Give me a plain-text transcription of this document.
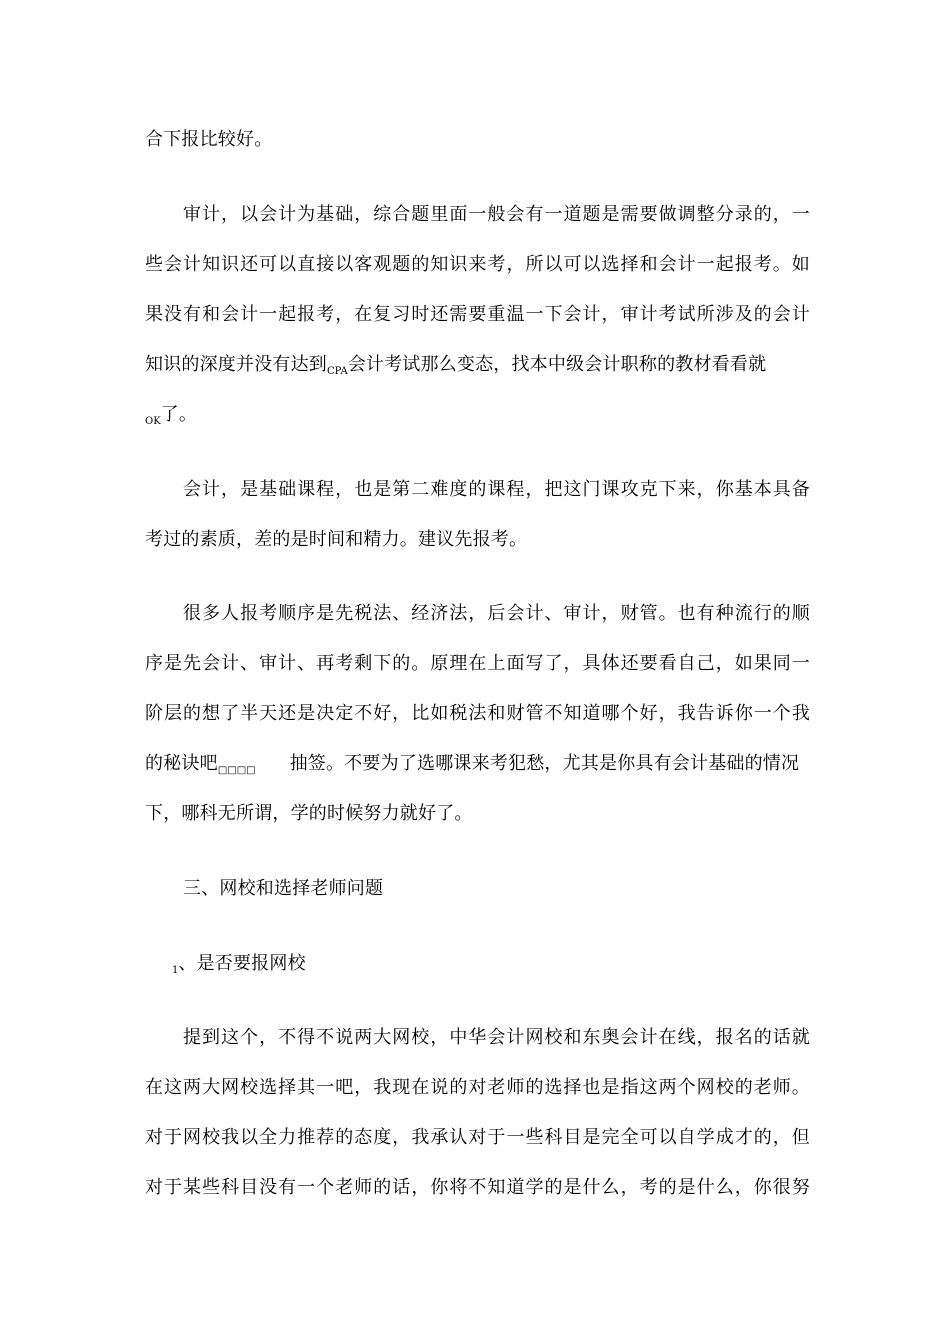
合下报比较好。
审计，以会计为基础，综合题里面一般会有一道题是需要做调整分录的，一
些会计知识还可以直接以客观题的知识来考，所以可以选择和会计一起报考。如
果没有和会计一起报考，在复习时还需要重温一下会计，审计考试所涉及的会计
知识的深度并没有达到$_{CPA}$会计考试那么变态，找本中级会计职称的教材看看就
$_{OK}$了。
会计，是基础课程，也是第二难度的课程，把这门课攻克下来，你基本具备
考过的素质，差的是时间和精力。建议先报考。
很多人报考顺序是先税法、经济法，后会计、审计，财管。也有种流行的顺
序是先会计、审计、再考剩下的。原理在上面写了，具体还要看自己，如果同一
阶层的想了半天还是决定不好，比如税法和财管不知道哪个好，我告诉你一个我
的秘诀吧$_{□□□□}$ 抽签。不要为了选哪课来考犯愁，尤其是你具有会计基础的情况
下，哪科无所谓，学的时候努力就好了。
三、网校和选择老师问题
$_1$、是否要报网校
提到这个，不得不说两大网校，中华会计网校和东奥会计在线，报名的话就
在这两大网校选择其一吧，我现在说的对老师的选择也是指这两个网校的老师。
对于网校我以全力推荐的态度，我承认对于一些科目是完全可以自学成才的，但
对于某些科目没有一个老师的话，你将不知道学的是什么，考的是什么，你很努
